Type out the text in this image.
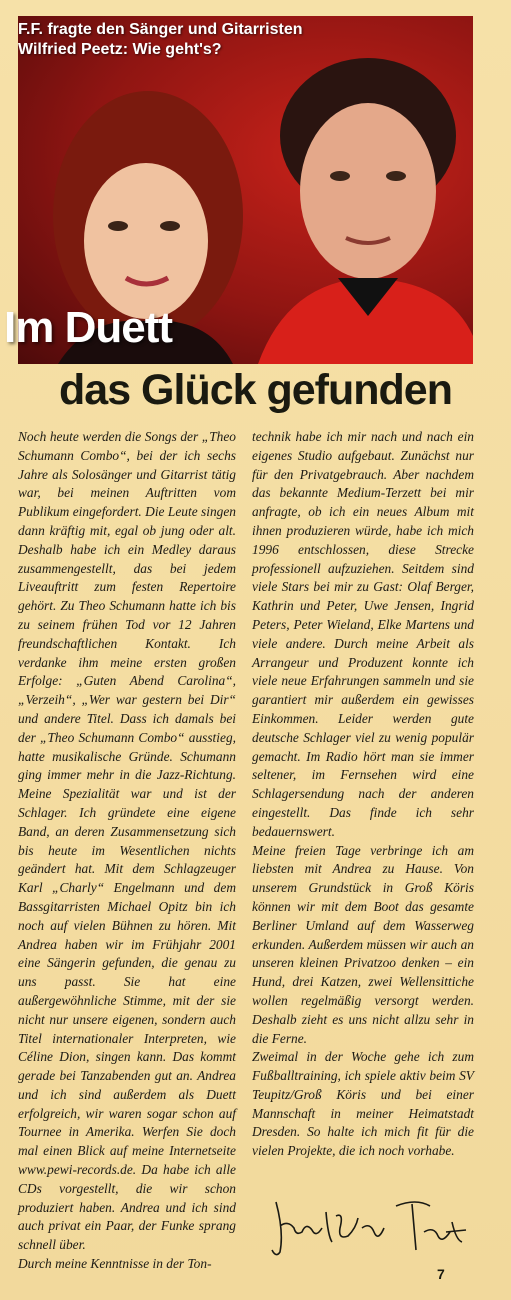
F.F. fragte den Sänger und Gitarristen
Wilfried Peetz: Wie geht's?
Im Duett
das Glück gefunden

Noch heute werden die Songs der „Theo Schumann Combo“, bei der ich sechs Jahre als Solosänger und Gitarrist tätig war, bei meinen Auftritten vom Publikum eingefordert. Die Leute singen dann kräftig mit, egal ob jung oder alt. Deshalb habe ich ein Medley daraus zusammengestellt, das bei jedem Liveauftritt zum festen Repertoire gehört. Zu Theo Schumann hatte ich bis zu seinem frühen Tod vor 12 Jahren freundschaftlichen Kontakt. Ich verdanke ihm meine ersten großen Erfolge: „Guten Abend Carolina“, „Verzeih“, „Wer war gestern bei Dir“ und andere Titel. Dass ich damals bei der „Theo Schumann Combo“ ausstieg, hatte musikalische Gründe. Schumann ging immer mehr in die Jazz-Richtung. Meine Spezialität war und ist der Schlager. Ich gründete eine eigene Band, an deren Zusammensetzung sich bis heute im Wesentlichen nichts geändert hat. Mit dem Schlagzeuger Karl „Charly“ Engelmann und dem Bassgitarristen Michael Opitz bin ich noch auf vielen Bühnen zu hören. Mit Andrea haben wir im Frühjahr 2001 eine Sängerin gefunden, die genau zu uns passt. Sie hat eine außergewöhnliche Stimme, mit der sie nicht nur unsere eigenen, sondern auch Titel internationaler Interpreten, wie Céline Dion, singen kann. Das kommt gerade bei Tanzabenden gut an. Andrea und ich sind außerdem als Duett erfolgreich, wir waren sogar schon auf Tournee in Amerika. Werfen Sie doch mal einen Blick auf meine Internetseite www.pewi-records.de. Da habe ich alle CDs vorgestellt, die wir schon produziert haben. Andrea und ich sind auch privat ein Paar, der Funke sprang schnell über.

Durch meine Kenntnisse in der Ton-

technik habe ich mir nach und nach ein eigenes Studio aufgebaut. Zunächst nur für den Privatgebrauch. Aber nachdem das bekannte Medium-Terzett bei mir anfragte, ob ich ein neues Album mit ihnen produzieren würde, habe ich mich 1996 entschlossen, diese Strecke professionell aufzuziehen. Seitdem sind viele Stars bei mir zu Gast: Olaf Berger, Kathrin und Peter, Uwe Jensen, Ingrid Peters, Peter Wieland, Elke Martens und viele andere. Durch meine Arbeit als Arrangeur und Produzent konnte ich viele neue Erfahrungen sammeln und sie garantiert mir außerdem ein gewisses Einkommen. Leider werden gute deutsche Schlager viel zu wenig populär gemacht. Im Radio hört man sie immer seltener, im Fernsehen wird eine Schlagersendung nach der anderen eingestellt. Das finde ich sehr bedauernswert.

Meine freien Tage verbringe ich am liebsten mit Andrea zu Hause. Von unserem Grundstück in Groß Köris können wir mit dem Boot das gesamte Berliner Umland auf dem Wasserweg erkunden. Außerdem müssen wir auch an unseren kleinen Privatzoo denken – ein Hund, drei Katzen, zwei Wellensittiche wollen regelmäßig versorgt werden. Deshalb zieht es uns nicht allzu sehr in die Ferne.

Zweimal in der Woche gehe ich zum Fußballtraining, ich spiele aktiv beim SV Teupitz/Groß Köris und bei einer Mannschaft in meiner Heimatstadt Dresden. So halte ich mich fit für die vielen Projekte, die ich noch vorhabe.

7
